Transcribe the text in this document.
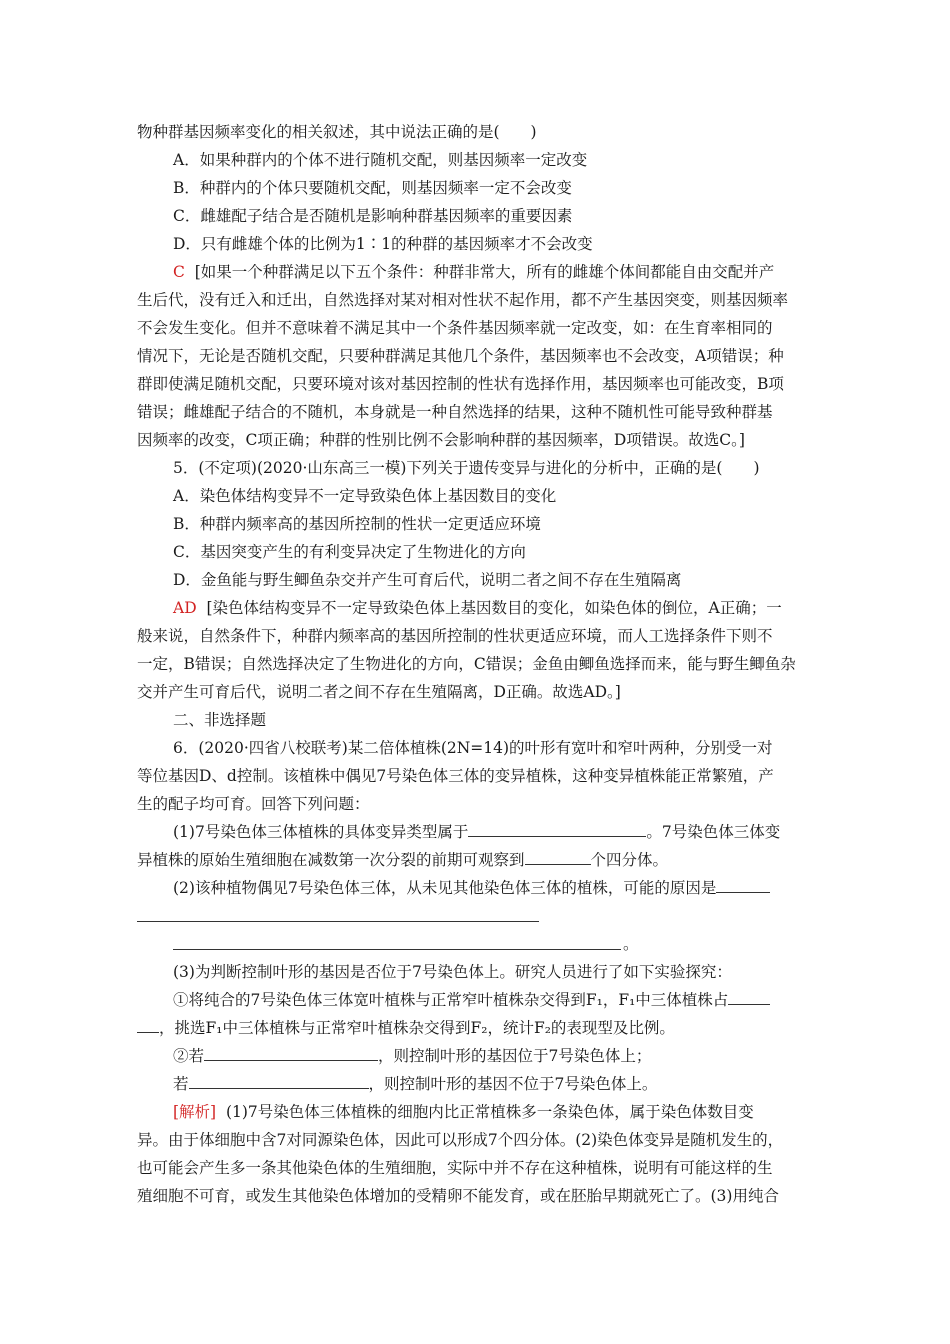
物种群基因频率变化的相关叙述，其中说法正确的是(　　)
A．如果种群内的个体不进行随机交配，则基因频率一定改变
B．种群内的个体只要随机交配，则基因频率一定不会改变
C．雌雄配子结合是否随机是影响种群基因频率的重要因素
D．只有雌雄个体的比例为1∶1的种群的基因频率才不会改变
C [如果一个种群满足以下五个条件：种群非常大，所有的雌雄个体间都能自由交配并产
生后代，没有迁入和迁出，自然选择对某对相对性状不起作用，都不产生基因突变，则基因频率
不会发生变化。但并不意味着不满足其中一个条件基因频率就一定改变，如：在生育率相同的
情况下，无论是否随机交配，只要种群满足其他几个条件，基因频率也不会改变，A项错误；种
群即使满足随机交配，只要环境对该对基因控制的性状有选择作用，基因频率也可能改变，B项
错误；雌雄配子结合的不随机，本身就是一种自然选择的结果，这种不随机性可能导致种群基
因频率的改变，C项正确；种群的性别比例不会影响种群的基因频率，D项错误。故选C。]
5．(不定项)(2020·山东高三一模)下列关于遗传变异与进化的分析中，正确的是(　　)
A．染色体结构变异不一定导致染色体上基因数目的变化
B．种群内频率高的基因所控制的性状一定更适应环境
C．基因突变产生的有利变异决定了生物进化的方向
D．金鱼能与野生鲫鱼杂交并产生可育后代，说明二者之间不存在生殖隔离
AD [染色体结构变异不一定导致染色体上基因数目的变化，如染色体的倒位，A正确；一
般来说，自然条件下，种群内频率高的基因所控制的性状更适应环境，而人工选择条件下则不
一定，B错误；自然选择决定了生物进化的方向，C错误；金鱼由鲫鱼选择而来，能与野生鲫鱼杂
交并产生可育后代，说明二者之间不存在生殖隔离，D正确。故选AD。]
二、非选择题
6．(2020·四省八校联考)某二倍体植株(2N=14)的叶形有宽叶和窄叶两种，分别受一对
等位基因D、d控制。该植株中偶见7号染色体三体的变异植株，这种变异植株能正常繁殖，产
生的配子均可育。回答下列问题：
(1)7号染色体三体植株的具体变异类型属于	。7号染色体三体变
异植株的原始生殖细胞在减数第一次分裂的前期可观察到	个四分体。
(2)该种植物偶见7号染色体三体，从未见其他染色体三体的植株，可能的原因是
。
(3)为判断控制叶形的基因是否位于7号染色体上。研究人员进行了如下实验探究：
①将纯合的7号染色体三体宽叶植株与正常窄叶植株杂交得到F₁，F₁中三体植株占
，挑选F₁中三体植株与正常窄叶植株杂交得到F₂，统计F₂的表现型及比例。
②若	，则控制叶形的基因位于7号染色体上；
若	，则控制叶形的基因不位于7号染色体上。
[解析] (1)7号染色体三体植株的细胞内比正常植株多一条染色体，属于染色体数目变
异。由于体细胞中含7对同源染色体，因此可以形成7个四分体。(2)染色体变异是随机发生的，
也可能会产生多一条其他染色体的生殖细胞，实际中并不存在这种植株，说明有可能这样的生
殖细胞不可育，或发生其他染色体增加的受精卵不能发育，或在胚胎早期就死亡了。(3)用纯合
